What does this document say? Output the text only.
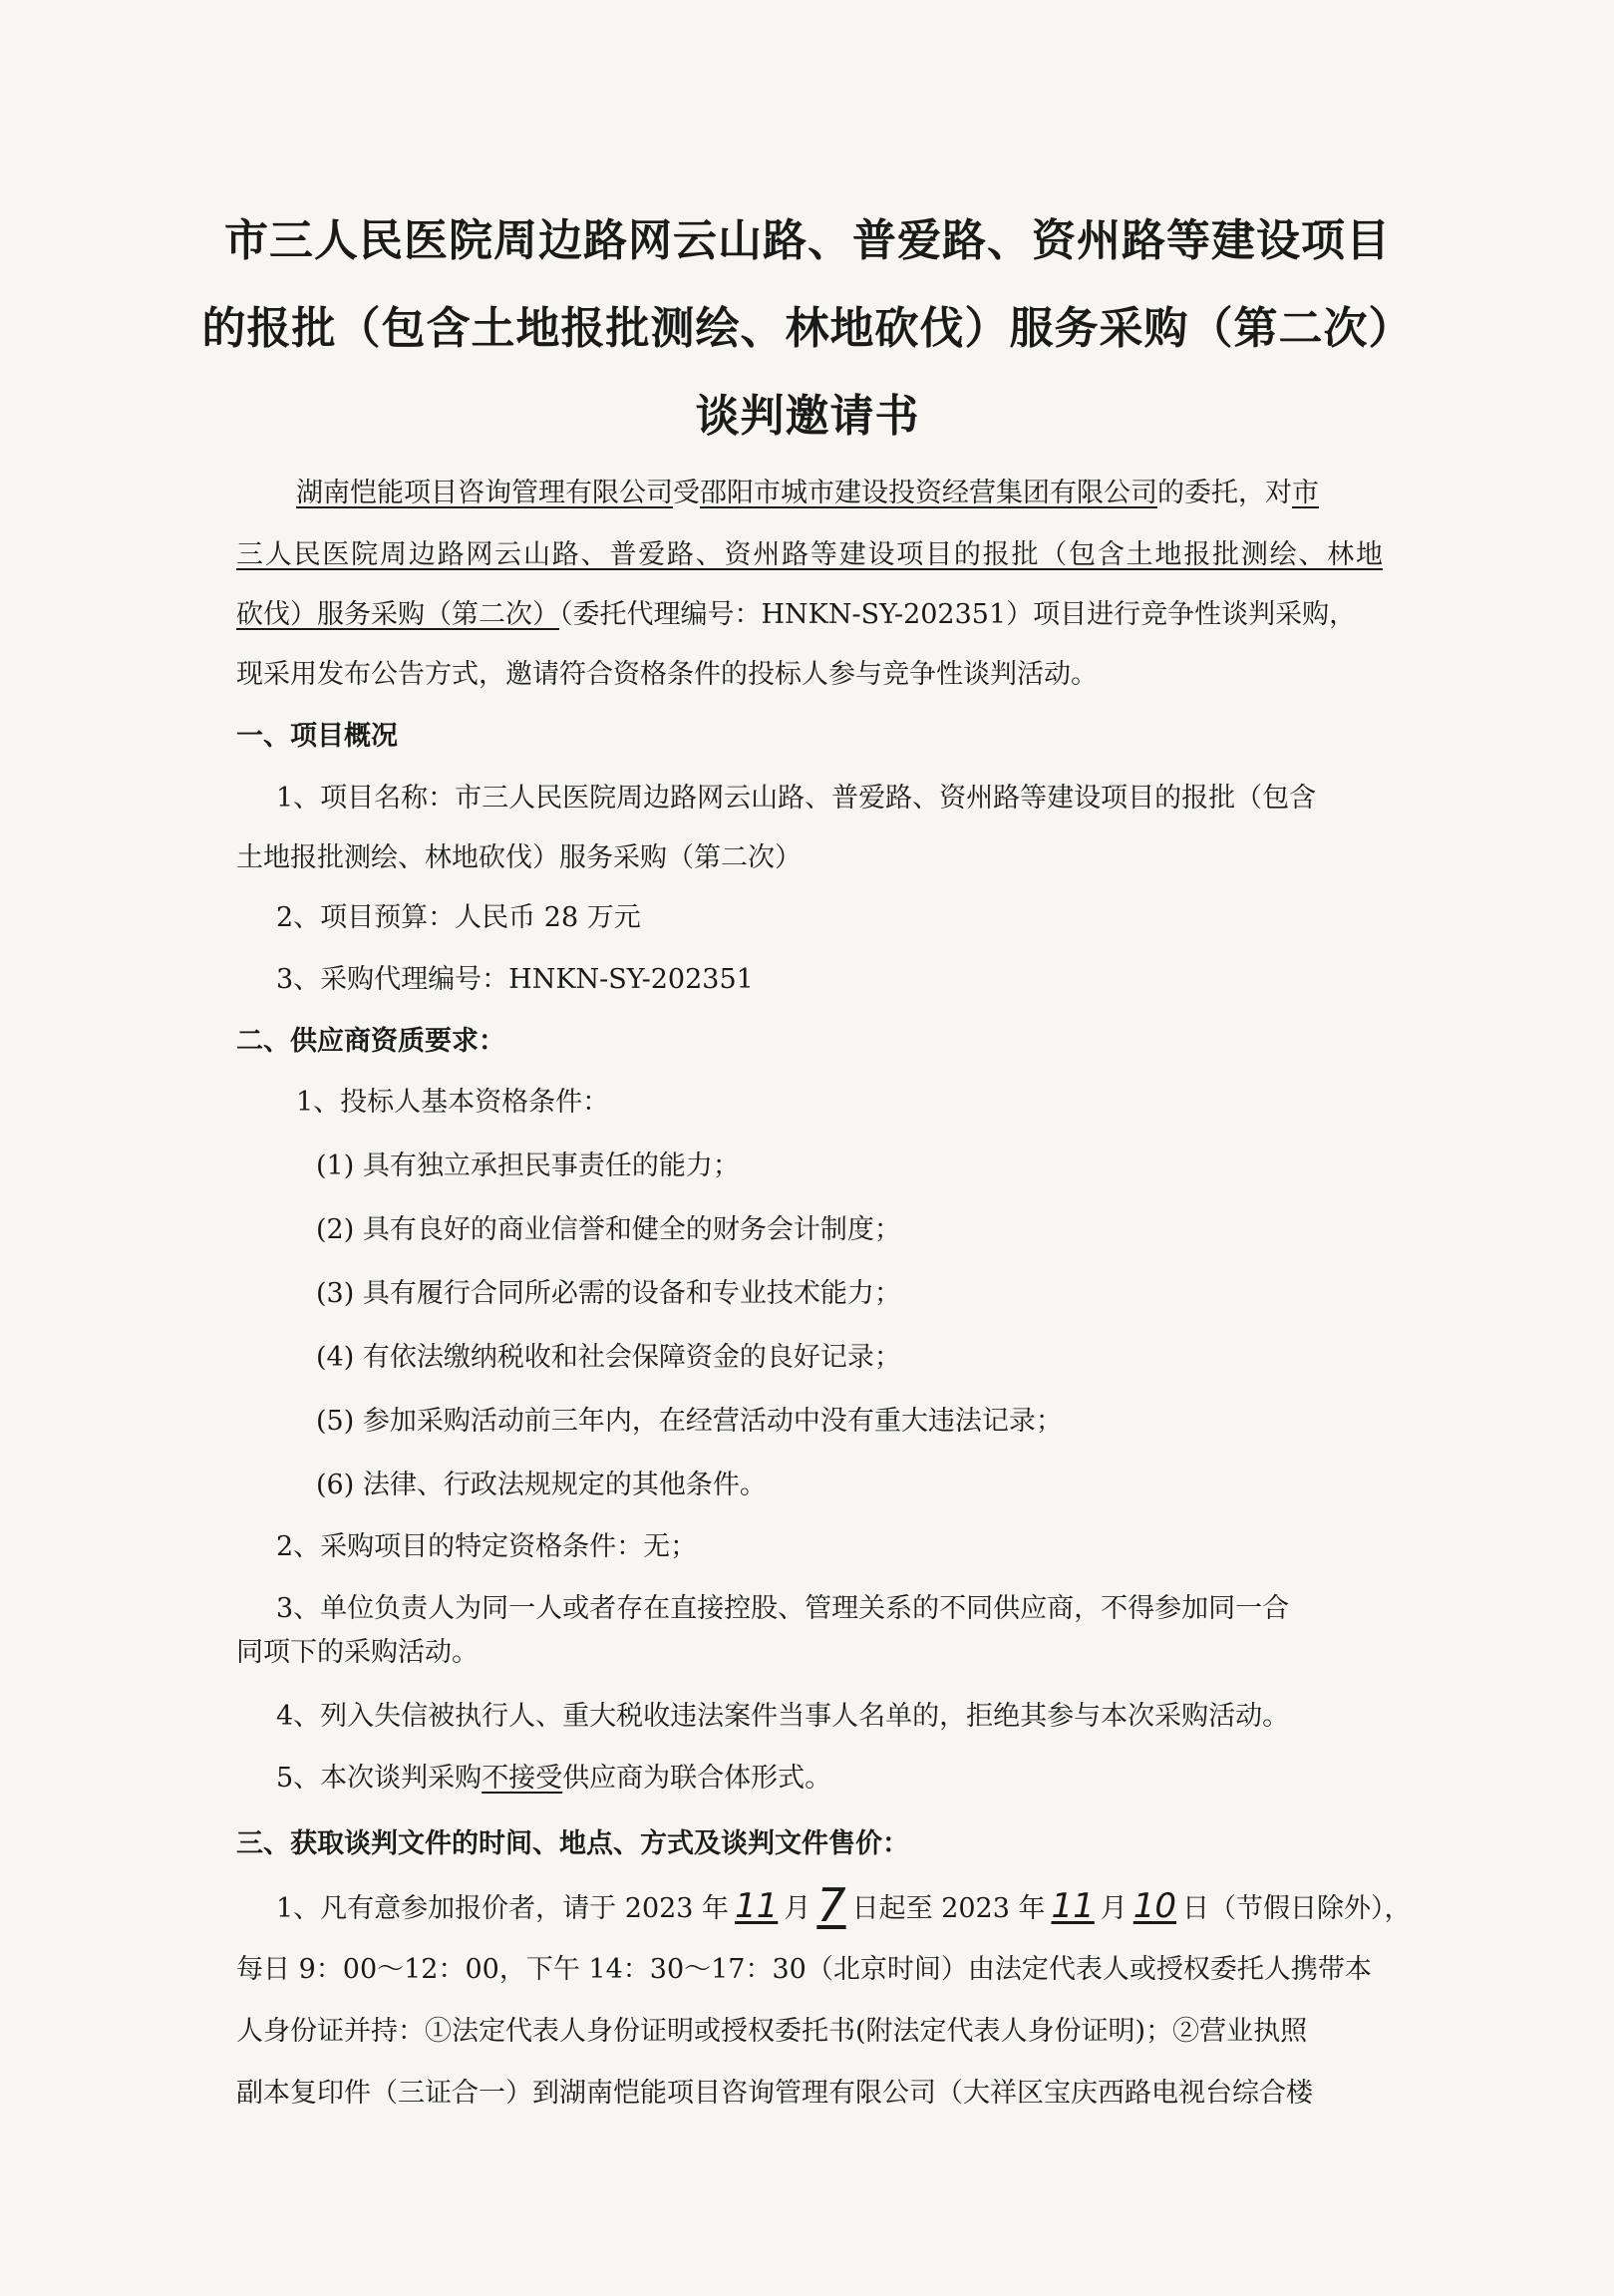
市三人民医院周边路网云山路、普爱路、资州路等建设项目
的报批（包含土地报批测绘、林地砍伐）服务采购（第二次）
谈判邀请书
湖南恺能项目咨询管理有限公司受邵阳市城市建设投资经营集团有限公司的委托，对市
三人民医院周边路网云山路、普爱路、资州路等建设项目的报批（包含土地报批测绘、林地
砍伐）服务采购（第二次）（委托代理编号：HNKN-SY-202351）项目进行竞争性谈判采购，
现采用发布公告方式，邀请符合资格条件的投标人参与竞争性谈判活动。
一、项目概况
1、项目名称：市三人民医院周边路网云山路、普爱路、资州路等建设项目的报批（包含
土地报批测绘、林地砍伐）服务采购（第二次）
2、项目预算：人民币 28 万元
3、采购代理编号：HNKN-SY-202351
二、供应商资质要求：
1、投标人基本资格条件：
(1) 具有独立承担民事责任的能力；
(2) 具有良好的商业信誉和健全的财务会计制度；
(3) 具有履行合同所必需的设备和专业技术能力；
(4) 有依法缴纳税收和社会保障资金的良好记录；
(5) 参加采购活动前三年内，在经营活动中没有重大违法记录；
(6) 法律、行政法规规定的其他条件。
2、采购项目的特定资格条件：无；
3、单位负责人为同一人或者存在直接控股、管理关系的不同供应商，不得参加同一合
同项下的采购活动。
4、列入失信被执行人、重大税收违法案件当事人名单的，拒绝其参与本次采购活动。
5、本次谈判采购不接受供应商为联合体形式。
三、获取谈判文件的时间、地点、方式及谈判文件售价：
1、凡有意参加报价者，请于 2023 年 11 月 7 日起至 2023 年 11 月 10 日（节假日除外），
每日 9：00～12：00，下午 14：30～17：30（北京时间）由法定代表人或授权委托人携带本
人身份证并持：①法定代表人身份证明或授权委托书(附法定代表人身份证明)；②营业执照
副本复印件（三证合一）到湖南恺能项目咨询管理有限公司（大祥区宝庆西路电视台综合楼
